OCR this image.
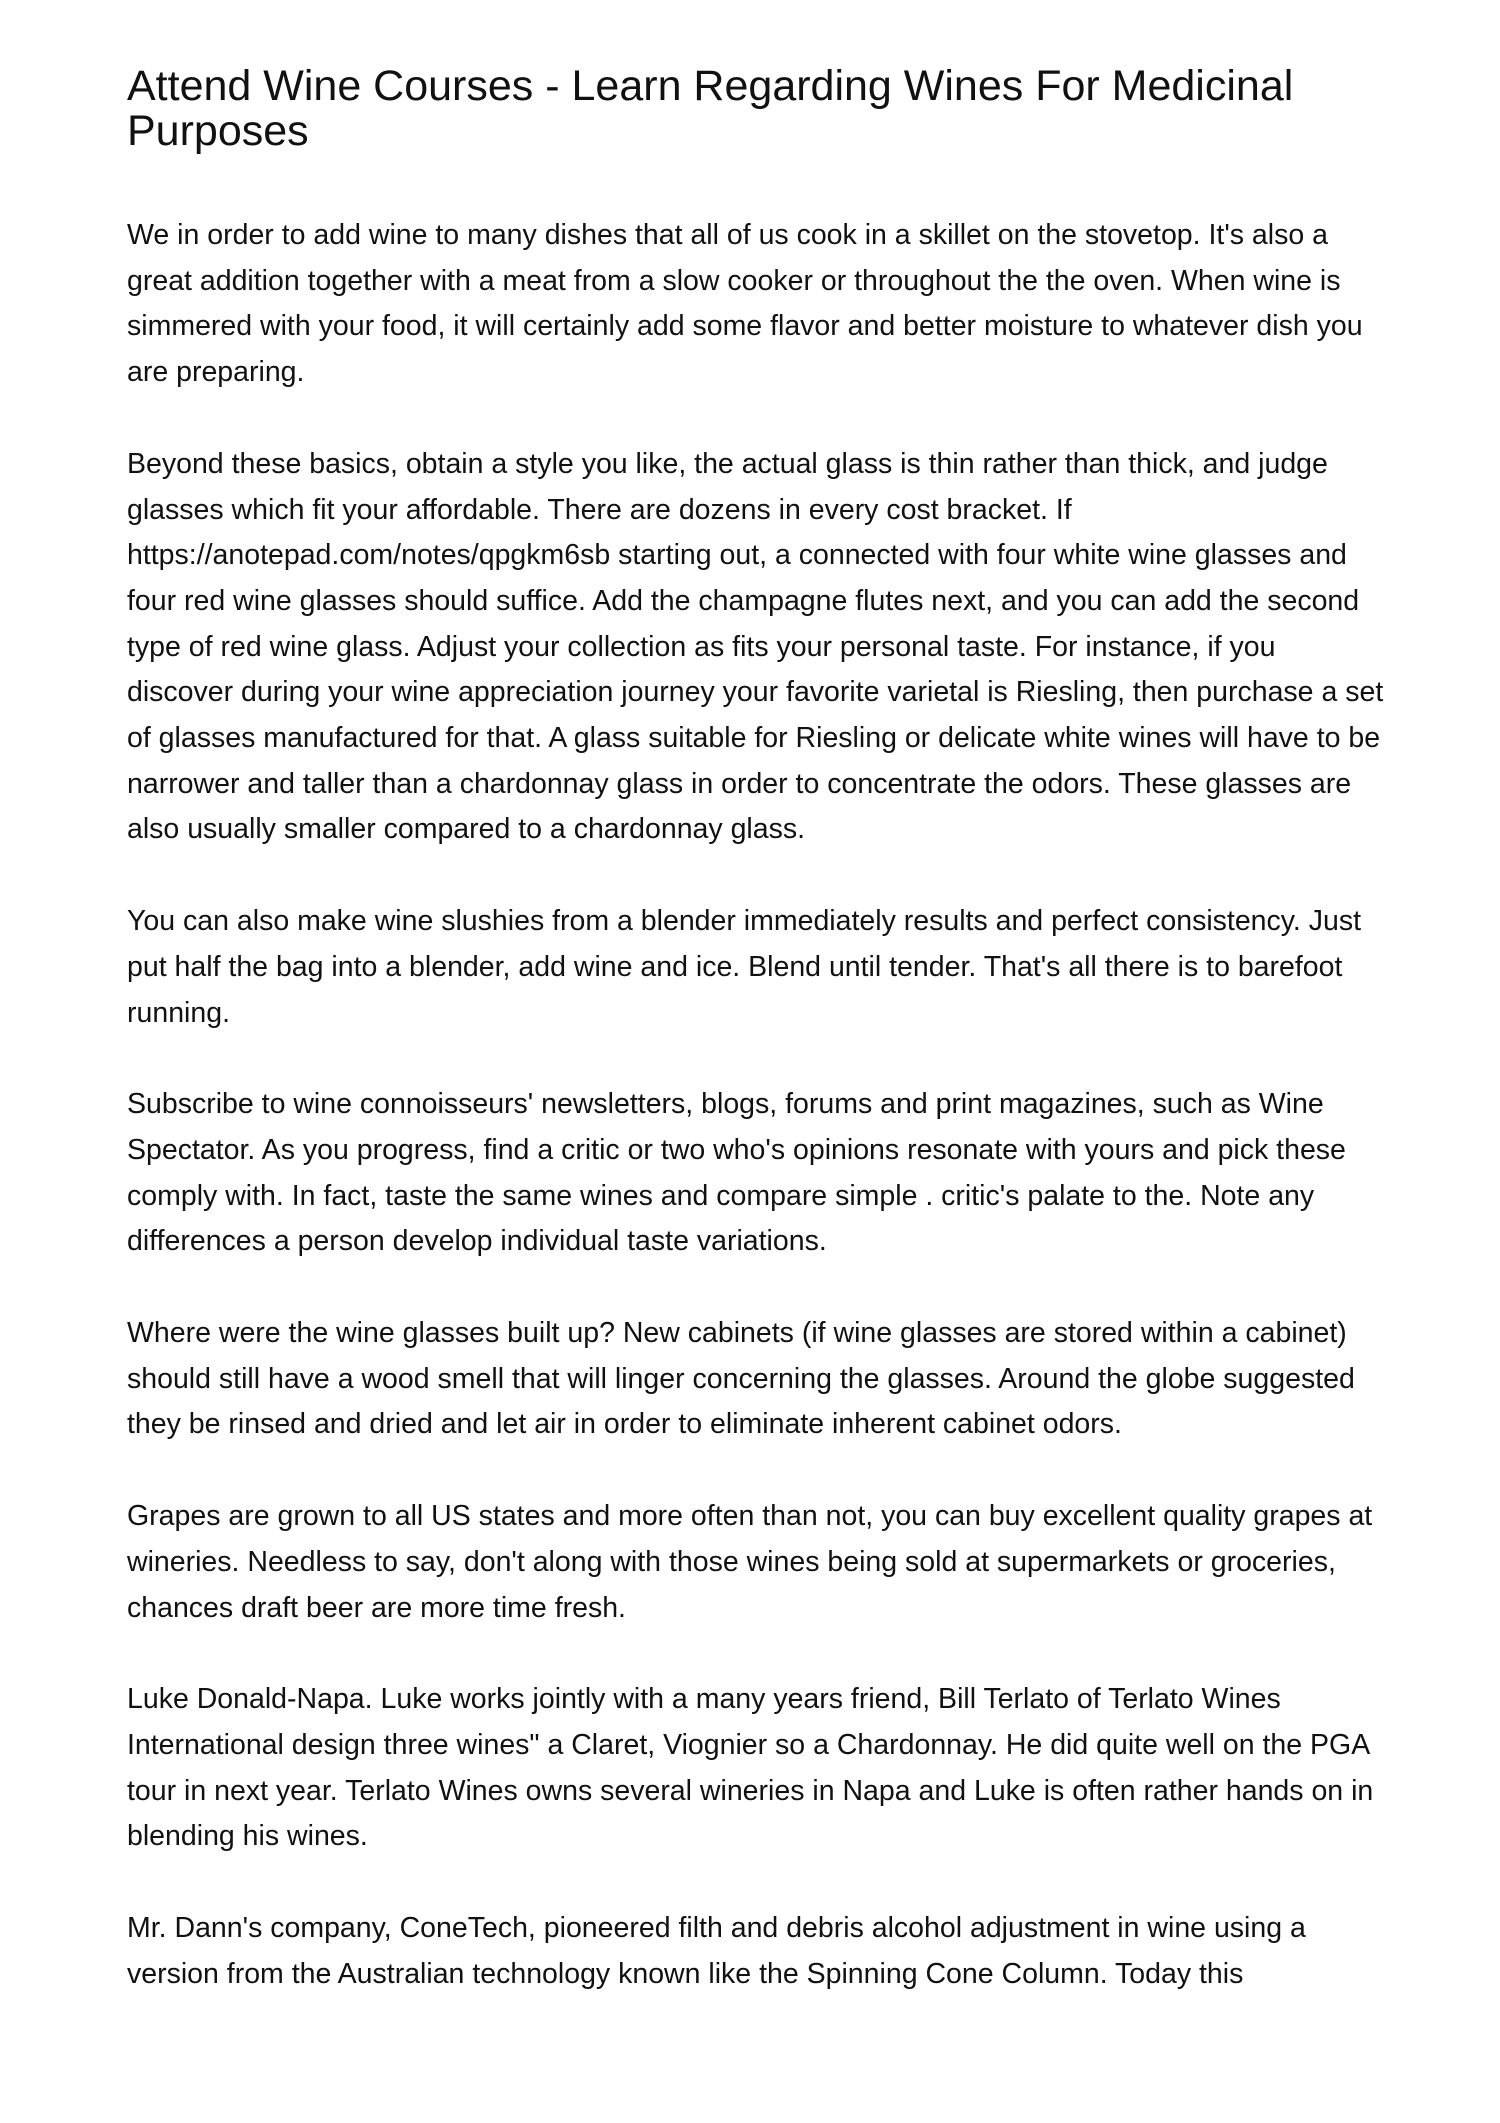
Attend Wine Courses - Learn Regarding Wines For Medicinal Purposes

We in order to add wine to many dishes that all of us cook in a skillet on the stovetop. It's also a great addition together with a meat from a slow cooker or throughout the the oven. When wine is simmered with your food, it will certainly add some flavor and better moisture to whatever dish you are preparing.

Beyond these basics, obtain a style you like, the actual glass is thin rather than thick, and judge glasses which fit your affordable. There are dozens in every cost bracket. If https://anotepad.com/notes/qpgkm6sb starting out, a connected with four white wine glasses and four red wine glasses should suffice. Add the champagne flutes next, and you can add the second type of red wine glass. Adjust your collection as fits your personal taste. For instance, if you discover during your wine appreciation journey your favorite varietal is Riesling, then purchase a set of glasses manufactured for that. A glass suitable for Riesling or delicate white wines will have to be narrower and taller than a chardonnay glass in order to concentrate the odors. These glasses are also usually smaller compared to a chardonnay glass.

You can also make wine slushies from a blender immediately results and perfect consistency. Just put half the bag into a blender, add wine and ice. Blend until tender. That's all there is to barefoot running.

Subscribe to wine connoisseurs' newsletters, blogs, forums and print magazines, such as Wine Spectator. As you progress, find a critic or two who's opinions resonate with yours and pick these comply with. In fact, taste the same wines and compare simple . critic's palate to the. Note any differences a person develop individual taste variations.

Where were the wine glasses built up? New cabinets (if wine glasses are stored within a cabinet) should still have a wood smell that will linger concerning the glasses. Around the globe suggested they be rinsed and dried and let air in order to eliminate inherent cabinet odors.

Grapes are grown to all US states and more often than not, you can buy excellent quality grapes at wineries. Needless to say, don't along with those wines being sold at supermarkets or groceries, chances draft beer are more time fresh.

Luke Donald-Napa. Luke works jointly with a many years friend, Bill Terlato of Terlato Wines International design three wines" a Claret, Viognier so a Chardonnay. He did quite well on the PGA tour in next year. Terlato Wines owns several wineries in Napa and Luke is often rather hands on in blending his wines.

Mr. Dann's company, ConeTech, pioneered filth and debris alcohol adjustment in wine using a version from the Australian technology known like the Spinning Cone Column. Today this
